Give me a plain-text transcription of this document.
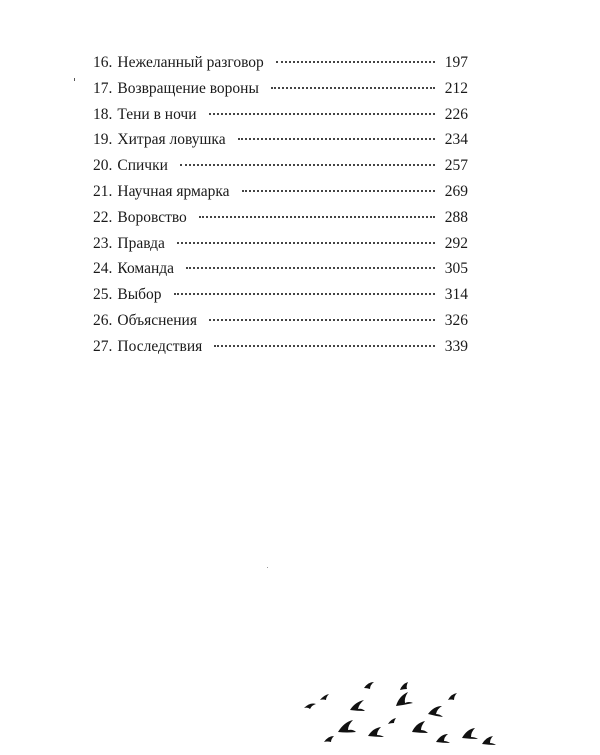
16. Нежеланный разговор	197
17. Возвращение вороны	212
18. Тени в ночи	226
19. Хитрая ловушка	234
20. Спички	257
21. Научная ярмарка	269
22. Воровство	288
23. Правда	292
24. Команда	305
25. Выбор	314
26. Объяснения	326
27. Последствия	339
